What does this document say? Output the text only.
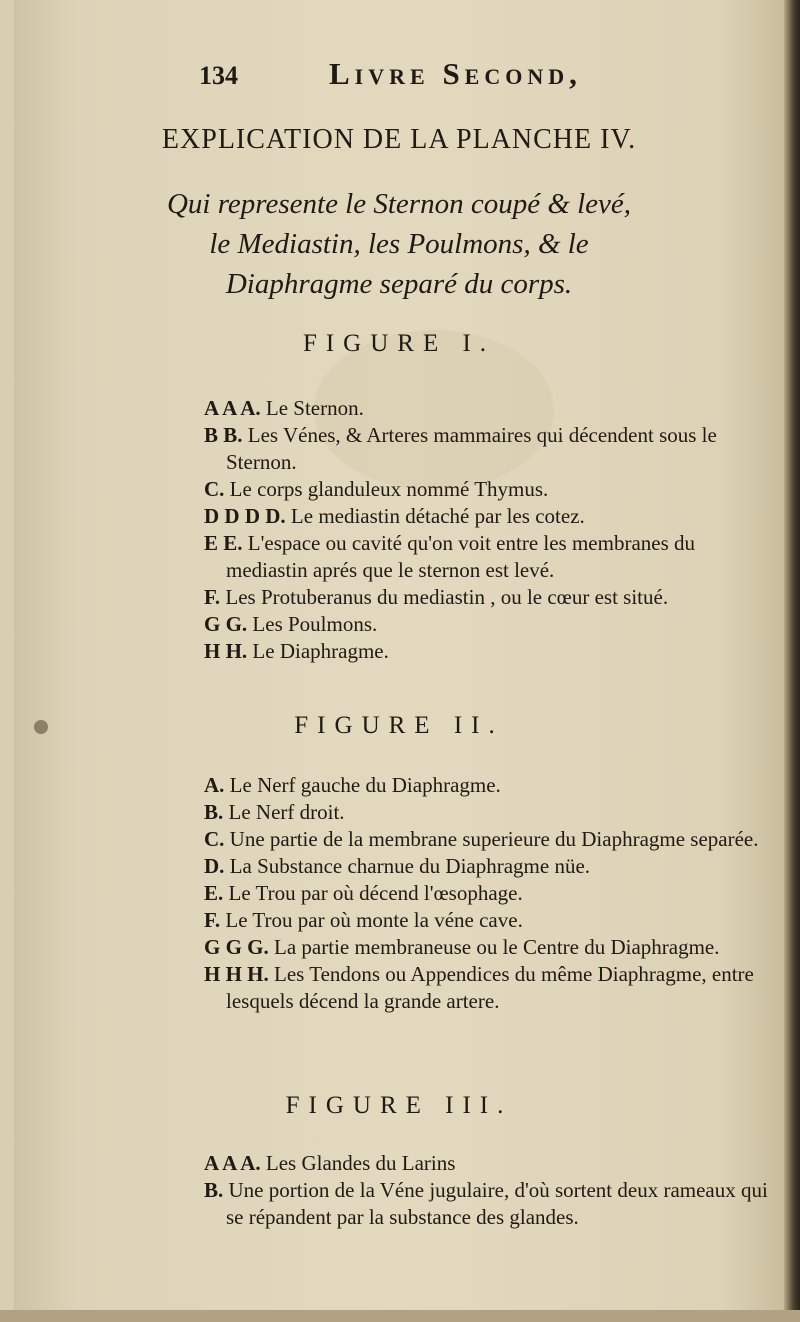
134	Livre Second,
EXPLICATION DE LA PLANCHE IV.
Qui represente le Sternon coupé & levé,
le Mediastin, les Poulmons, & le
Diaphragme separé du corps.
FIGURE I.
A A A. Le Sternon.
B B. Les Vénes, & Arteres mammaires qui décendent sous le Sternon.
C. Le corps glanduleux nommé Thymus.
D D D D. Le mediastin détaché par les cotez.
E E. L'espace ou cavité qu'on voit entre les membranes du mediastin aprés que le sternon est levé.
F. Les Protuberanus du mediastin , ou le cœur est situé.
G G. Les Poulmons.
H H. Le Diaphragme.
FIGURE II.
A. Le Nerf gauche du Diaphragme.
B. Le Nerf droit.
C. Une partie de la membrane superieure du Diaphragme separée.
D. La Substance charnue du Diaphragme nüe.
E. Le Trou par où décend l'œsophage.
F. Le Trou par où monte la véne cave.
G G G. La partie membraneuse ou le Centre du Diaphragme.
H H H. Les Tendons ou Appendices du même Diaphragme, entre lesquels décend la grande artere.
FIGURE III.
A A A. Les Glandes du Larins
B. Une portion de la Véne jugulaire, d'où sortent deux rameaux qui se répandent par la substance des glandes.
